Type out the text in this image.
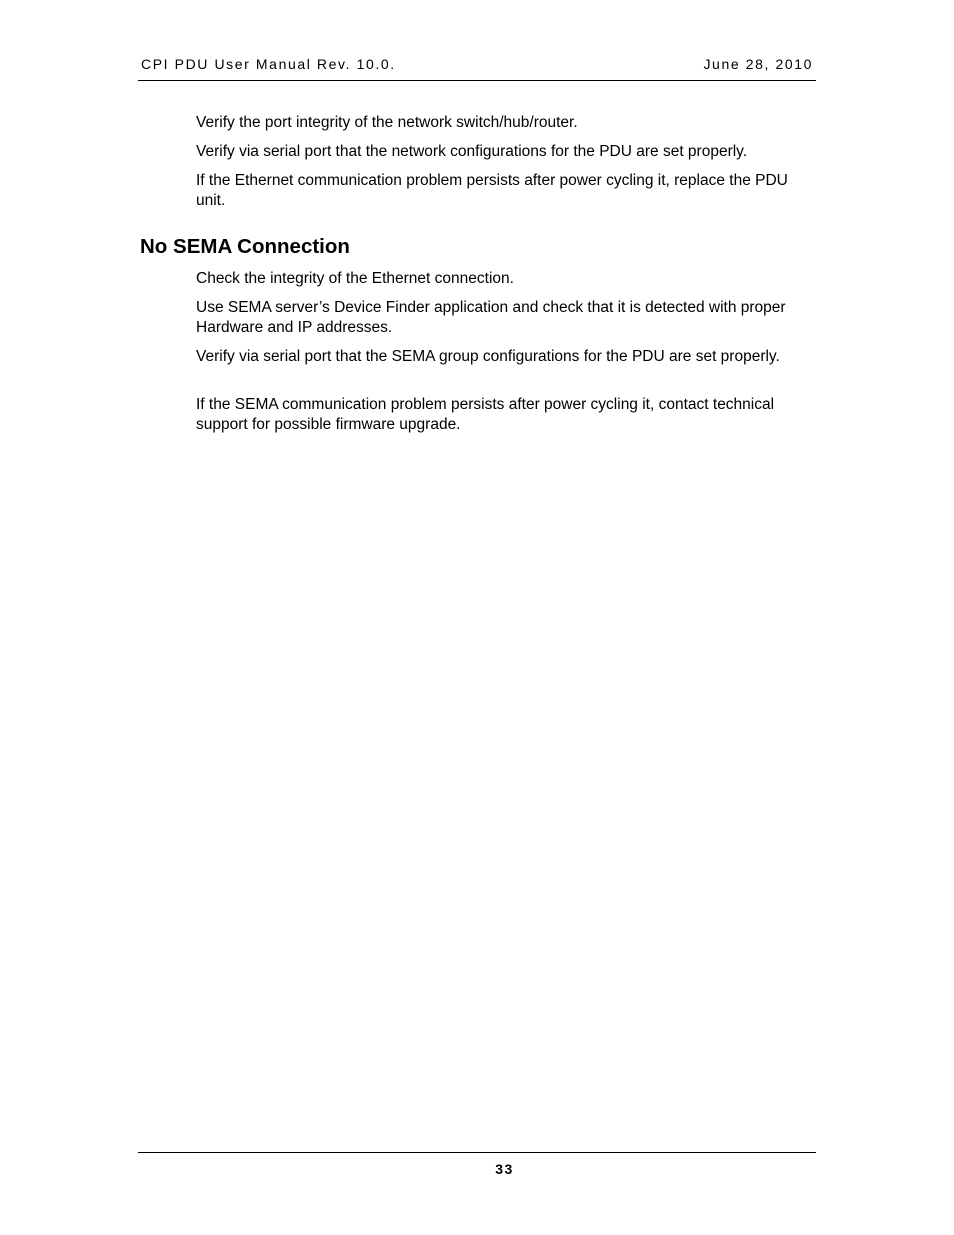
CPI PDU User Manual Rev. 10.0.	June 28, 2010

Verify the port integrity of the network switch/hub/router.

Verify via serial port that the network configurations for the PDU are set properly.

If the Ethernet communication problem persists after power cycling it, replace the PDU unit.

No SEMA Connection

Check the integrity of the Ethernet connection.

Use SEMA server’s Device Finder application and check that it is detected with proper Hardware and IP addresses.

Verify via serial port that the SEMA group configurations for the PDU are set properly.

If the SEMA communication problem persists after power cycling it, contact technical support for possible firmware upgrade.

33
